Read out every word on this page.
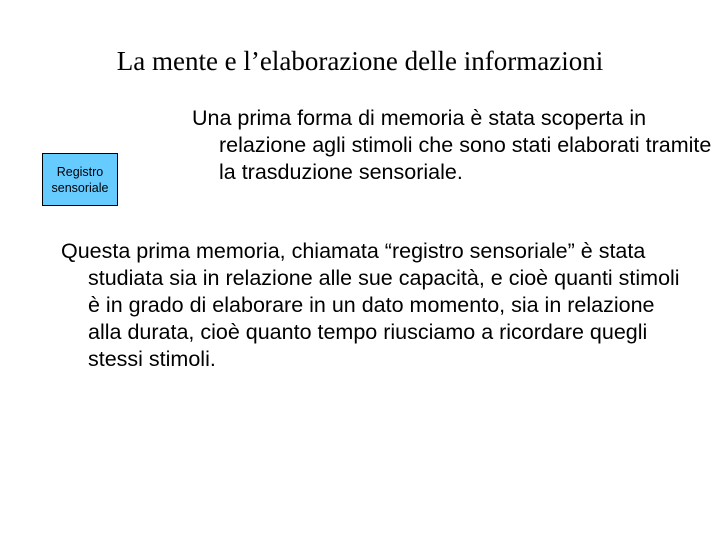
La mente e l’elaborazione delle informazioni
Registro
sensoriale

Una prima forma di memoria è stata scoperta in relazione agli stimoli che sono stati elaborati tramite la trasduzione sensoriale.

Questa prima memoria, chiamata “registro sensoriale” è stata studiata sia in relazione alle sue capacità, e cioè quanti stimoli è in grado di elaborare in un dato momento, sia in relazione alla durata, cioè quanto tempo riusciamo a ricordare quegli stessi stimoli.
